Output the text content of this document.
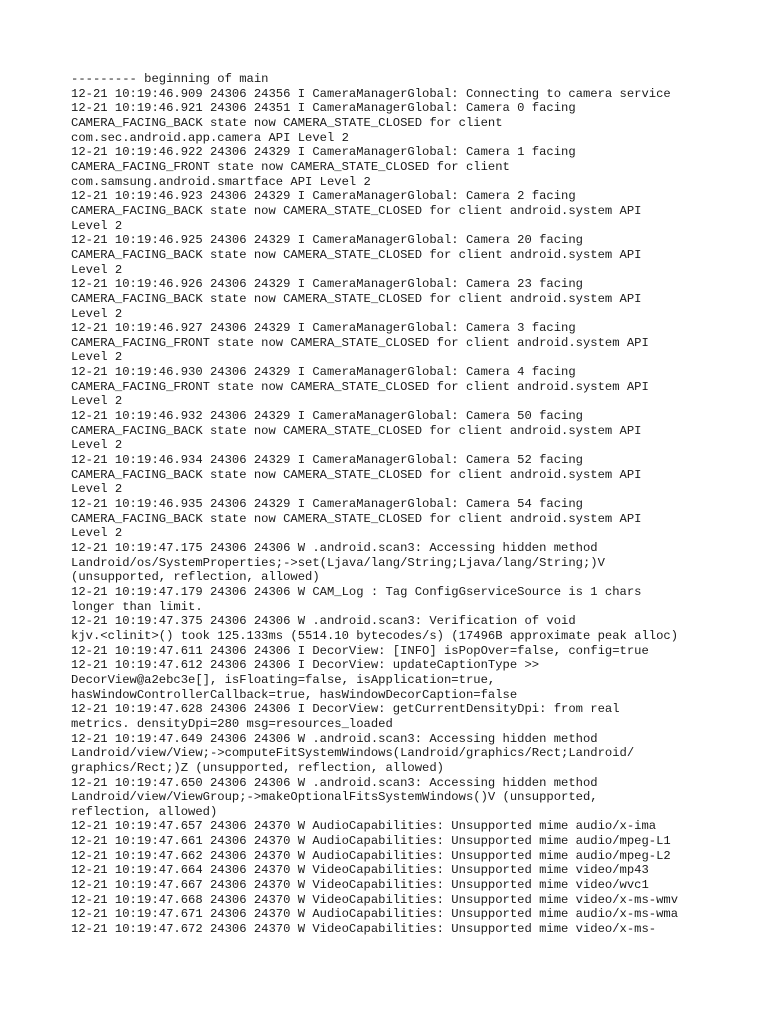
--------- beginning of main
12-21 10:19:46.909 24306 24356 I CameraManagerGlobal: Connecting to camera service
12-21 10:19:46.921 24306 24351 I CameraManagerGlobal: Camera 0 facing
CAMERA_FACING_BACK state now CAMERA_STATE_CLOSED for client
com.sec.android.app.camera API Level 2
12-21 10:19:46.922 24306 24329 I CameraManagerGlobal: Camera 1 facing
CAMERA_FACING_FRONT state now CAMERA_STATE_CLOSED for client
com.samsung.android.smartface API Level 2
12-21 10:19:46.923 24306 24329 I CameraManagerGlobal: Camera 2 facing
CAMERA_FACING_BACK state now CAMERA_STATE_CLOSED for client android.system API
Level 2
12-21 10:19:46.925 24306 24329 I CameraManagerGlobal: Camera 20 facing
CAMERA_FACING_BACK state now CAMERA_STATE_CLOSED for client android.system API
Level 2
12-21 10:19:46.926 24306 24329 I CameraManagerGlobal: Camera 23 facing
CAMERA_FACING_BACK state now CAMERA_STATE_CLOSED for client android.system API
Level 2
12-21 10:19:46.927 24306 24329 I CameraManagerGlobal: Camera 3 facing
CAMERA_FACING_FRONT state now CAMERA_STATE_CLOSED for client android.system API
Level 2
12-21 10:19:46.930 24306 24329 I CameraManagerGlobal: Camera 4 facing
CAMERA_FACING_FRONT state now CAMERA_STATE_CLOSED for client android.system API
Level 2
12-21 10:19:46.932 24306 24329 I CameraManagerGlobal: Camera 50 facing
CAMERA_FACING_BACK state now CAMERA_STATE_CLOSED for client android.system API
Level 2
12-21 10:19:46.934 24306 24329 I CameraManagerGlobal: Camera 52 facing
CAMERA_FACING_BACK state now CAMERA_STATE_CLOSED for client android.system API
Level 2
12-21 10:19:46.935 24306 24329 I CameraManagerGlobal: Camera 54 facing
CAMERA_FACING_BACK state now CAMERA_STATE_CLOSED for client android.system API
Level 2
12-21 10:19:47.175 24306 24306 W .android.scan3: Accessing hidden method
Landroid/os/SystemProperties;->set(Ljava/lang/String;Ljava/lang/String;)V
(unsupported, reflection, allowed)
12-21 10:19:47.179 24306 24306 W CAM_Log : Tag ConfigGserviceSource is 1 chars
longer than limit.
12-21 10:19:47.375 24306 24306 W .android.scan3: Verification of void
kjv.<clinit>() took 125.133ms (5514.10 bytecodes/s) (17496B approximate peak alloc)
12-21 10:19:47.611 24306 24306 I DecorView: [INFO] isPopOver=false, config=true
12-21 10:19:47.612 24306 24306 I DecorView: updateCaptionType >>
DecorView@a2ebc3e[], isFloating=false, isApplication=true,
hasWindowControllerCallback=true, hasWindowDecorCaption=false
12-21 10:19:47.628 24306 24306 I DecorView: getCurrentDensityDpi: from real
metrics. densityDpi=280 msg=resources_loaded
12-21 10:19:47.649 24306 24306 W .android.scan3: Accessing hidden method
Landroid/view/View;->computeFitSystemWindows(Landroid/graphics/Rect;Landroid/
graphics/Rect;)Z (unsupported, reflection, allowed)
12-21 10:19:47.650 24306 24306 W .android.scan3: Accessing hidden method
Landroid/view/ViewGroup;->makeOptionalFitsSystemWindows()V (unsupported,
reflection, allowed)
12-21 10:19:47.657 24306 24370 W AudioCapabilities: Unsupported mime audio/x-ima
12-21 10:19:47.661 24306 24370 W AudioCapabilities: Unsupported mime audio/mpeg-L1
12-21 10:19:47.662 24306 24370 W AudioCapabilities: Unsupported mime audio/mpeg-L2
12-21 10:19:47.664 24306 24370 W VideoCapabilities: Unsupported mime video/mp43
12-21 10:19:47.667 24306 24370 W VideoCapabilities: Unsupported mime video/wvc1
12-21 10:19:47.668 24306 24370 W VideoCapabilities: Unsupported mime video/x-ms-wmv
12-21 10:19:47.671 24306 24370 W AudioCapabilities: Unsupported mime audio/x-ms-wma
12-21 10:19:47.672 24306 24370 W VideoCapabilities: Unsupported mime video/x-ms-
